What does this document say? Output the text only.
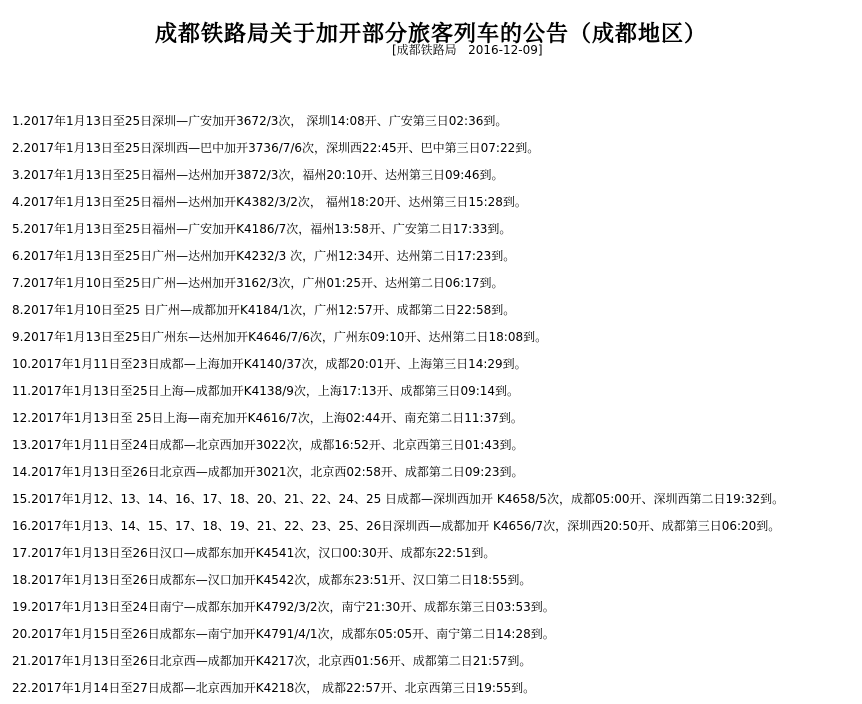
成都铁路局关于加开部分旅客列车的公告（成都地区）
[成都铁路局 2016-12-09]
1.2017年1月13日至25日深圳—广安加开3672/3次， 深圳14:08开、广安第三日02:36到。
2.2017年1月13日至25日深圳西—巴中加开3736/7/6次，深圳西22:45开、巴中第三日07:22到。
3.2017年1月13日至25日福州—达州加开3872/3次，福州20:10开、达州第三日09:46到。
4.2017年1月13日至25日福州—达州加开K4382/3/2次， 福州18:20开、达州第三日15:28到。
5.2017年1月13日至25日福州—广安加开K4186/7次，福州13:58开、广安第二日17:33到。
6.2017年1月13日至25日广州—达州加开K4232/3 次，广州12:34开、达州第二日17:23到。
7.2017年1月10日至25日广州—达州加开3162/3次，广州01:25开、达州第二日06:17到。
8.2017年1月10日至25 日广州—成都加开K4184/1次，广州12:57开、成都第二日22:58到。
9.2017年1月13日至25日广州东—达州加开K4646/7/6次，广州东09:10开、达州第二日18:08到。
10.2017年1月11日至23日成都—上海加开K4140/37次，成都20:01开、上海第三日14:29到。
11.2017年1月13日至25日上海—成都加开K4138/9次，上海17:13开、成都第三日09:14到。
12.2017年1月13日至 25日上海—南充加开K4616/7次，上海02:44开、南充第二日11:37到。
13.2017年1月11日至24日成都—北京西加开3022次，成都16:52开、北京西第三日01:43到。
14.2017年1月13日至26日北京西—成都加开3021次，北京西02:58开、成都第二日09:23到。
15.2017年1月12、13、14、16、17、18、20、21、22、24、25 日成都—深圳西加开 K4658/5次，成都05:00开、深圳西第二日19:32到。
16.2017年1月13、14、15、17、18、19、21、22、23、25、26日深圳西—成都加开 K4656/7次，深圳西20:50开、成都第三日06:20到。
17.2017年1月13日至26日汉口—成都东加开K4541次，汉口00:30开、成都东22:51到。
18.2017年1月13日至26日成都东—汉口加开K4542次，成都东23:51开、汉口第二日18:55到。
19.2017年1月13日至24日南宁—成都东加开K4792/3/2次，南宁21:30开、成都东第三日03:53到。
20.2017年1月15日至26日成都东—南宁加开K4791/4/1次，成都东05:05开、南宁第二日14:28到。
21.2017年1月13日至26日北京西—成都加开K4217次，北京西01:56开、成都第二日21:57到。
22.2017年1月14日至27日成都—北京西加开K4218次， 成都22:57开、北京西第三日19:55到。
